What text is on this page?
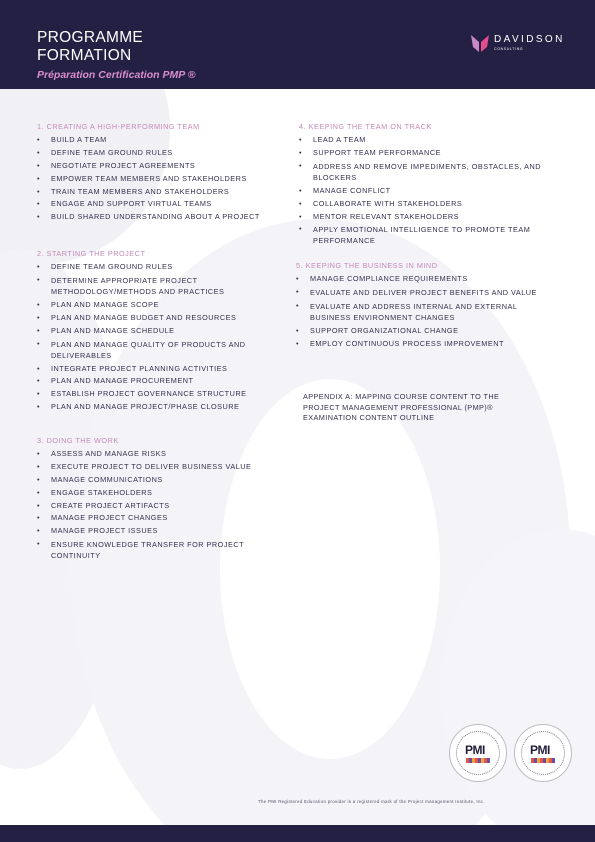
PROGRAMME
FORMATION
Préparation Certification PMP ®
DAVIDSON
CONSULTING
1. CREATING A HIGH-PERFORMING TEAM
• BUILD A TEAM
• DEFINE TEAM GROUND RULES
• NEGOTIATE PROJECT AGREEMENTS
• EMPOWER TEAM MEMBERS AND STAKEHOLDERS
• TRAIN TEAM MEMBERS AND STAKEHOLDERS
• ENGAGE AND SUPPORT VIRTUAL TEAMS
• BUILD SHARED UNDERSTANDING ABOUT A PROJECT
2. STARTING THE PROJECT
• DEFINE TEAM GROUND RULES
• DETERMINE APPROPRIATE PROJECT METHODOLOGY/METHODS AND PRACTICES
• PLAN AND MANAGE SCOPE
• PLAN AND MANAGE BUDGET AND RESOURCES
• PLAN AND MANAGE SCHEDULE
• PLAN AND MANAGE QUALITY OF PRODUCTS AND DELIVERABLES
• INTEGRATE PROJECT PLANNING ACTIVITIES
• PLAN AND MANAGE PROCUREMENT
• ESTABLISH PROJECT GOVERNANCE STRUCTURE
• PLAN AND MANAGE PROJECT/PHASE CLOSURE
3. DOING THE WORK
• ASSESS AND MANAGE RISKS
• EXECUTE PROJECT TO DELIVER BUSINESS VALUE
• MANAGE COMMUNICATIONS
• ENGAGE STAKEHOLDERS
• CREATE PROJECT ARTIFACTS
• MANAGE PROJECT CHANGES
• MANAGE PROJECT ISSUES
• ENSURE KNOWLEDGE TRANSFER FOR PROJECT CONTINUITY
4. KEEPING THE TEAM ON TRACK
• LEAD A TEAM
• SUPPORT TEAM PERFORMANCE
• ADDRESS AND REMOVE IMPEDIMENTS, OBSTACLES, AND BLOCKERS
• MANAGE CONFLICT
• COLLABORATE WITH STAKEHOLDERS
• MENTOR RELEVANT STAKEHOLDERS
• APPLY EMOTIONAL INTELLIGENCE TO PROMOTE TEAM PERFORMANCE
5. KEEPING THE BUSINESS IN MIND
• MANAGE COMPLIANCE REQUIREMENTS
• EVALUATE AND DELIVER PROJECT BENEFITS AND VALUE
• EVALUATE AND ADDRESS INTERNAL AND EXTERNAL BUSINESS ENVIRONMENT CHANGES
• SUPPORT ORGANIZATIONAL CHANGE
• EMPLOY CONTINUOUS PROCESS IMPROVEMENT
APPENDIX A: MAPPING COURSE CONTENT TO THE PROJECT MANAGEMENT PROFESSIONAL (PMP)® EXAMINATION CONTENT OUTLINE
PMI	PMI
The PMI Registered Education provider is a registered mark of the Project management Institute, Inc.
